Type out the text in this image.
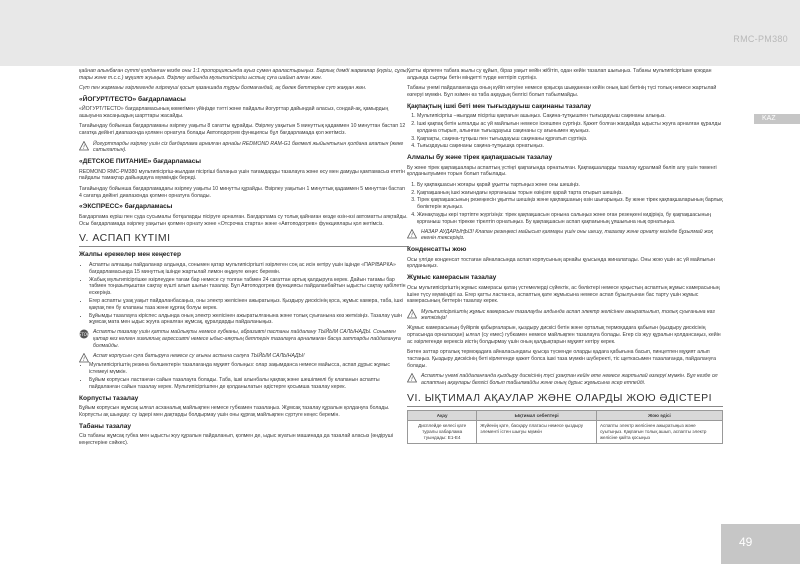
RMC-PM380
KAZ

қайнап алынбаған сүтті қолданған кезде оны 1:1 пропорциясында ауыз сумен араластырыңыз. Барлық дәмді жармалар (күріш, сұлы, тары және т.с.с.) мұқият жуыңыз. Әзірлеу алдында мультипісіргіш ыстық суға шайып алған жөн.

Сүт пен жарманы әзірлегенде әзірлеуші қосып қазаншада тұруы болмағандай, ақ бөлек беттеріне сүт жаққан жөн.

«ЙОГУРТ/ТЕСТО» бағдарламасы

«ЙОГУРТ/ТЕСТО» бағдарламасының көмегімен үйіңізде тәтті және пайдалы йогурттар дайындай аласыз, сондай-ақ, қамырдың ашыуына жасаңыздың шарттары жасайды.

Тағайындау бойынша бағдарламаны әзірлеу уақыты 8 сағатты құрайды. Әзірлеу уақытын 5 минуттық қадаммен 10 минуттан бастап 12 сағатқа дейінгі диапазонда қолмен орнатуға болады Автоподогрев функциясы бұл бағдарламада қол жетімсіз.

! Йогурттарды әзірлеу үшін сіз бағдарлама арналған арнайы REDMOND RAM-G1 бөлмелі жыйынтығын қолдана алатын (жеке сатылатын).
«ДЕТСКОЕ ПИТАНИЕ» бағдарламасы

REDMOND RMC-PM380 мультипісіргіш-жылдам пісіргіші балаңыз үшін тағамдарды тазалауға және өсу мен дамуды қамтамасыз ететін пайдалы тамақтар дайындауға мүмкіндік береді.

Тағайындау бойынша бағдарламадағы әзірлеу уақыты 10 минутты құрайды. Әзірлеу уақытын 1 минуттық қадаммен 5 минуттан бастап 4 сағатқа дейінгі диапазонда қолмен орнатуға болады.

«ЭКСПРЕСС» бағдарламасы

Бағдарлама күріш пен суда сусымалы ботқаларды пісіруге арналған. Бағдарлама су толық қайнаған кезде өзін-өзі автоматты аяқтайды. Осы бағдарламада әзірлеу уақытын қолмен орнату және «Отсрочка старта» және «Автоподогрев» функциялары қол жетімсіз.

V. АСПАП КҮТІМІ
Жалпы ережелер мен кеңестер
• Аспапты алғашқы пайдаланар алдында, сонымен қатар мультипісіргішті әзірлеген соң ас исін кетіру үшін іщінде «ПАР/ВАРКА» бағдарламасында 15 минуттық ішінде жартылай лимон өңдеуге кеңес беремін.
• Жабық мультипісіргішке әзірлеуден тағам бар немесе су толған табмен 24 сағаттан артық қалдыруға керек. Дайын тағамы бар табмен тоңазытқыштан сақтау күшті алып шығын тазалау. Бұл Автоподогрев функциясы пайдаланбайтын ыдысты сақтау қабілетін ескеріңіз.
• Егер аспапты ұзақ уақыт пайдаланбасаңыз, оны электр желісінен ажыратыңыз. Қыздыру дискісінің қоса, жұмыс камера, таба, ішкі қақпақ пен бу клапаны таза және құрғақ болуы керек.
• Бұйымды тазалауға кіріспес алдында оның электр желісінен ажыратылғанына және толық суығанына көз жеткізіңіз. Тазалау үшін жұмсақ мата мен ыдыс жууға арналған жұмсақ, құралдарды пайдаланыңыз.
STOP Аспапты тазалау үшін қатты майлықты немесе губканы, абразивті пастаны пайдалану ТЫЙЫМ САЛЫНАДЫ. Сонымен қатар кез келген химиялық агрессивті немесе ыдыс-аяқтың беттерін тазалауға арналмаған басқа заттарды пайдалануға болмайды.
! Аспап корпусын суға батыруға немесе су ағыны астына салуға ТЫЙЫМ САЛЫНАДЫ!
• Мультипісіргіштің резина бөлшектерін тазалағанда мұқият болыңыз: олар зақымданса немесе майысса, аспап дұрыс жұмыс істемеуі мүмкін.
• Бұйым корпусын ластанған сайын тазалауға болады. Таба, ішкі алынбалы қақпақ және шешілмелі бу клапанын аспапты пайдаланған сайын тазалау керек. Мультипісіргішпен де қолданылатын әдістерге қосымша тазалау керек.
Корпусты тазалау

Бұйым корпусын жұмсақ ылғал асханалық майлықпен немесе губкамен тазалаңыз. Жұмсақ тазалау құралын қолдануға болады. Корпусты ақ шыңдау: су іздері мен дақтарды болдырмау үшін оны құрғақ майлықпен сүртуге кеңес беремін.

Табаны тазалау

Сіз табаны жұмсақ губка мен ыдысты жуу құралын пайдаланып, қолмен де, ыдыс жуатын машинада да тазалай аласыз (өндіруші кеңестеріне сәйкес).

Қатты кірлеген табаға жылы су құйып, біраз уақыт кейін жібітіп, одан кейін тазалап шығыңыз. Табаны мультипісіргішке қоюдан алдында сыртқы бетін міндетті түрде кептіріп сүртіңіз.

Табаны үнемі пайдаланғанда оның күйіп кетуіне немесе қоқысқа шыққаннан кейін оның ішкі бетінің түсі толық немесе жартылай өзгеруі мүмкін. Бұл әзімен өз таба ақаудың белгісі болып табылмайды.

Қақпақтың ішкі беті мен тығыздауыш сақинаны тазалау
1. Мультипісіргіш –жылдам пісіргіш қақпағын ашыңыз. Сақина-тұтқышпен тығыздауыш сақинаны алыңыз.
2. Ішкі қақпақ бетін ылғалды ас үй майлығын немесе іскешпен сүртіңіз. Қажет болған жағдайда ыдысты жууға арналған құралды қолдана отырып, алынған тығыздауыш сақинаны су ағынымен жуыңыз.
3. Қақпақты, сақина-тұтқыш пен тығыздауыш сақинаны құрғатып сүртіңіз.
4. Тығыздауыш сақинаны сақина-тұтқышқа орнатыңыз.
Алмалы бу және тірек қақпақшасын тазалау

Бу және тірек қақпақшалары аспаптың үстіңгі қақпағында орнатылған. Қақпақшаларды тазалау құралмай бөліп алу үшін төменгі қолданылуымен торын болып табылады.

1. Бу қақпақшасын жоғары қарай ұқыпты тартыңыз және оны шешіңіз.
2. Қақпақшаның ішкі жағындағы қорғанышы торын өзіңізге қарай тарта отырып шешіңіз.
3. Тірек қақпақшасының резеңкесін ұқыпты шешіңіз және қақпақшаның өзін шығарыңыз. Бу және тірек қақпақшаларының барлық бөліктерін жуыңыз.
4. Жинақтауды кері тәртіпте жүргізіңіз: тірек қақпақшасын орнына салыңыз және оған резеңкені кидіріңіз, бу қақпақшасының қорғаныш торын тірекке тірелтіп орнатыңыз. Бу қақпақшасын аспап қақпағының ұяшығына нық орнатыңыз.
! НАЗАР АУДАРЫҢЫЗ! Клапан резеңкесі майысып қалмауы үшін оны шешу, тазалау және орнату кезінде бұзылмай жоқ екенін тексеріңіз.
Конденсатты жою

Осы үлгіде конденсат тостаған айналасында аспап корпусының арнайы қуысында жиналатады. Оны жою үшін ас үй майлығын қолданыңыз.

Жұмыс камерасын тазалау

Осы мультипісіргіштің жұмыс камерасы қатаң үстемелерді сүйектік, ас бөліктері немесе қоқыстың аспаптың жұмыс камерасының ішіне түсу мүмкіндігі аз. Егер қатты ластанса, аспаптың қате жұмысына немесе аспап бұзылуынан бас тарту үшін жұмыс камерасының беттерін тазалау керек.

! Мультипісіргіштің жұмыс камерасын тазалауды алдында аспап электр желісінен ажыратылып, толық суығанына көз жеткізіңіз!

Жұмыс камерасының бүйірлік қабырғаларын, қыздыру дискісі бетін және орталық термоқадаға қабығын (қыздыру дискісінің ортасында орналасқан) ылғал (су емес) губкамен немесе майлықпен тазалауға болады. Егер сіз жуу құралын қолдансаңыз, кейін ас әзірлегенде керексіз иістің болдырмау үшін оның қалдықтарын мұқият кетіру керек.

Бөтен заттар орталық термоқадаға айналасындағы қуысқа түскенде оларды қадаға қабығына басып, пинцетпен мұқият алып тастаңыз. Қыздыру дискісінің беті кірлегенде қажет болса ішкі таза мүмкін шүберекті, тіс щеткасымен тазалағанда, пайдалануға болады.

! Аспапты үнемі пайдаланғанда қыздыру дискісінің түсі ұзақтан кейін өте немесе жартылай өзгеруі мүмкін. Бұл кезде ол аспаптың ақаулары белгісі болып табылмайды және оның дұрыс жұмысына әсер етпейді.
VI. ЫҚТИМАЛ АҚАУЛАР ЖӘНЕ ОЛАРДЫ ЖОЮ ӘДІСТЕРІ
Ақау	Ықтимал себептері	Жою әдісі
Дисплейде келесі қате туралы хабарлама туындады: E1-E4	Жүйенің қате, басқару платасы немесе қыздыру элементі істен шығуы мүмкін	Аспапты электр желісінен ажыратыңыз және суытыңыз. Қақпағын толық ашып, аспапты электр желісіне қайта қосыңыз
49
